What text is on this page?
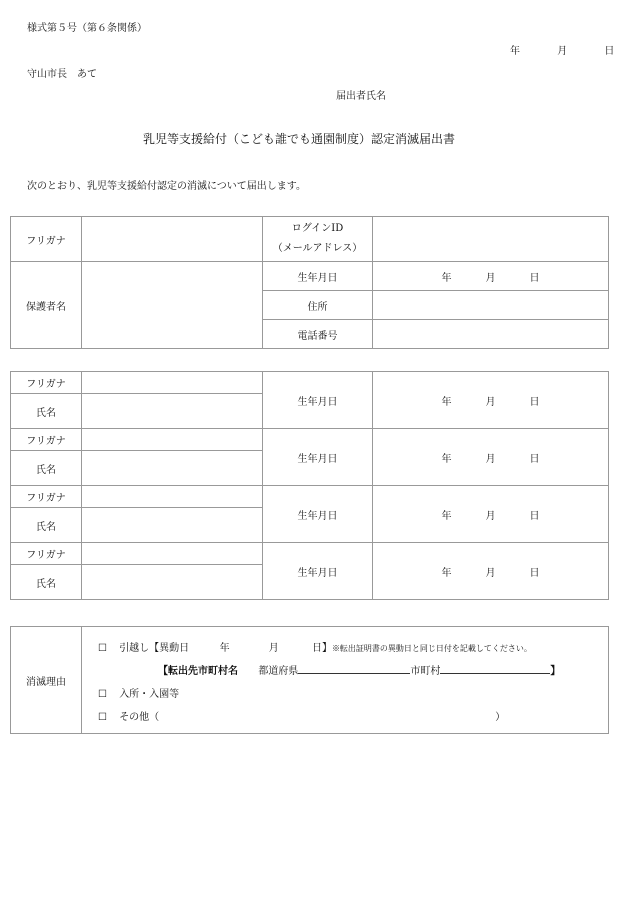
様式第５号（第６条関係）
年	月	日
守山市長　あて
届出者氏名
乳児等支援給付（こども誰でも通園制度）認定消滅届出書
次のとおり、乳児等支援給付認定の消滅について届出します。
フリガナ		ログインID
（メールアドレス）	
保護者名		生年月日	年 月 日
		住所	
		電話番号	
フリガナ		生年月日	年 月 日
氏名			
フリガナ		生年月日	年 月 日
氏名			
フリガナ		生年月日	年 月 日
氏名			
フリガナ		生年月日	年 月 日
氏名			
消滅理由	
☐ 引越し【異動日	年	月	日】※転出証明書の異動日と同じ日付を記載してください。
【転出先市町村名 都道府県	市町村	】
☐ 入所・入園等
☐ その他（	）
